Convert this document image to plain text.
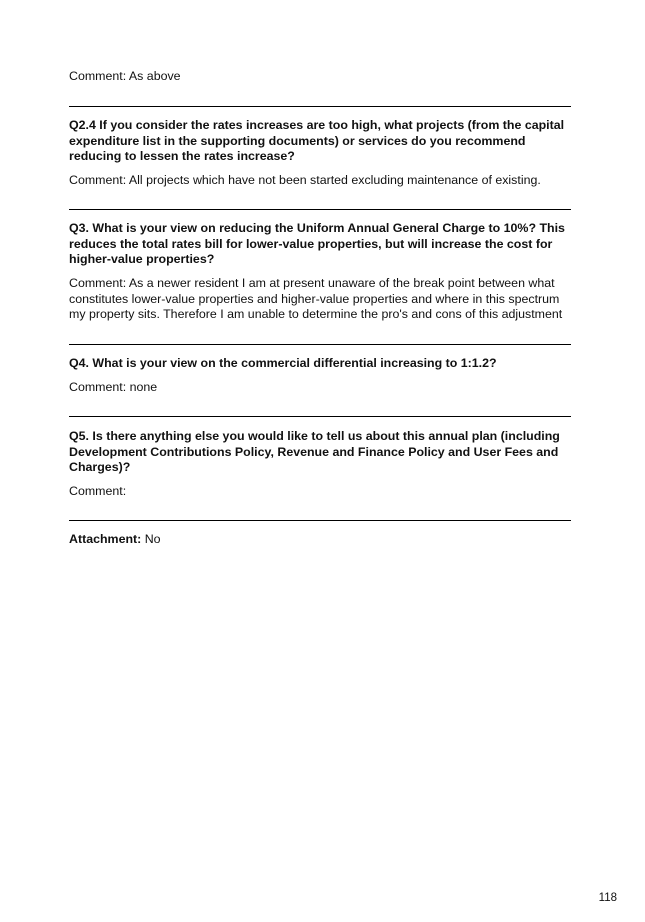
Comment: As above

Q2.4 If you consider the rates increases are too high, what projects (from the capital expenditure list in the supporting documents) or services do you recommend reducing to lessen the rates increase?

Comment: All projects which have not been started excluding maintenance of existing.

Q3. What is your view on reducing the Uniform Annual General Charge to 10%? This reduces the total rates bill for lower-value properties, but will increase the cost for higher-value properties?

Comment: As a newer resident I am at present unaware of the break point between what constitutes lower-value properties and higher-value properties and where in this spectrum my property sits. Therefore I am unable to determine the pro's and cons of this adjustment

Q4. What is your view on the commercial differential increasing to 1:1.2?

Comment: none

Q5. Is there anything else you would like to tell us about this annual plan (including Development Contributions Policy, Revenue and Finance Policy and User Fees and Charges)?

Comment:

Attachment: No

118
